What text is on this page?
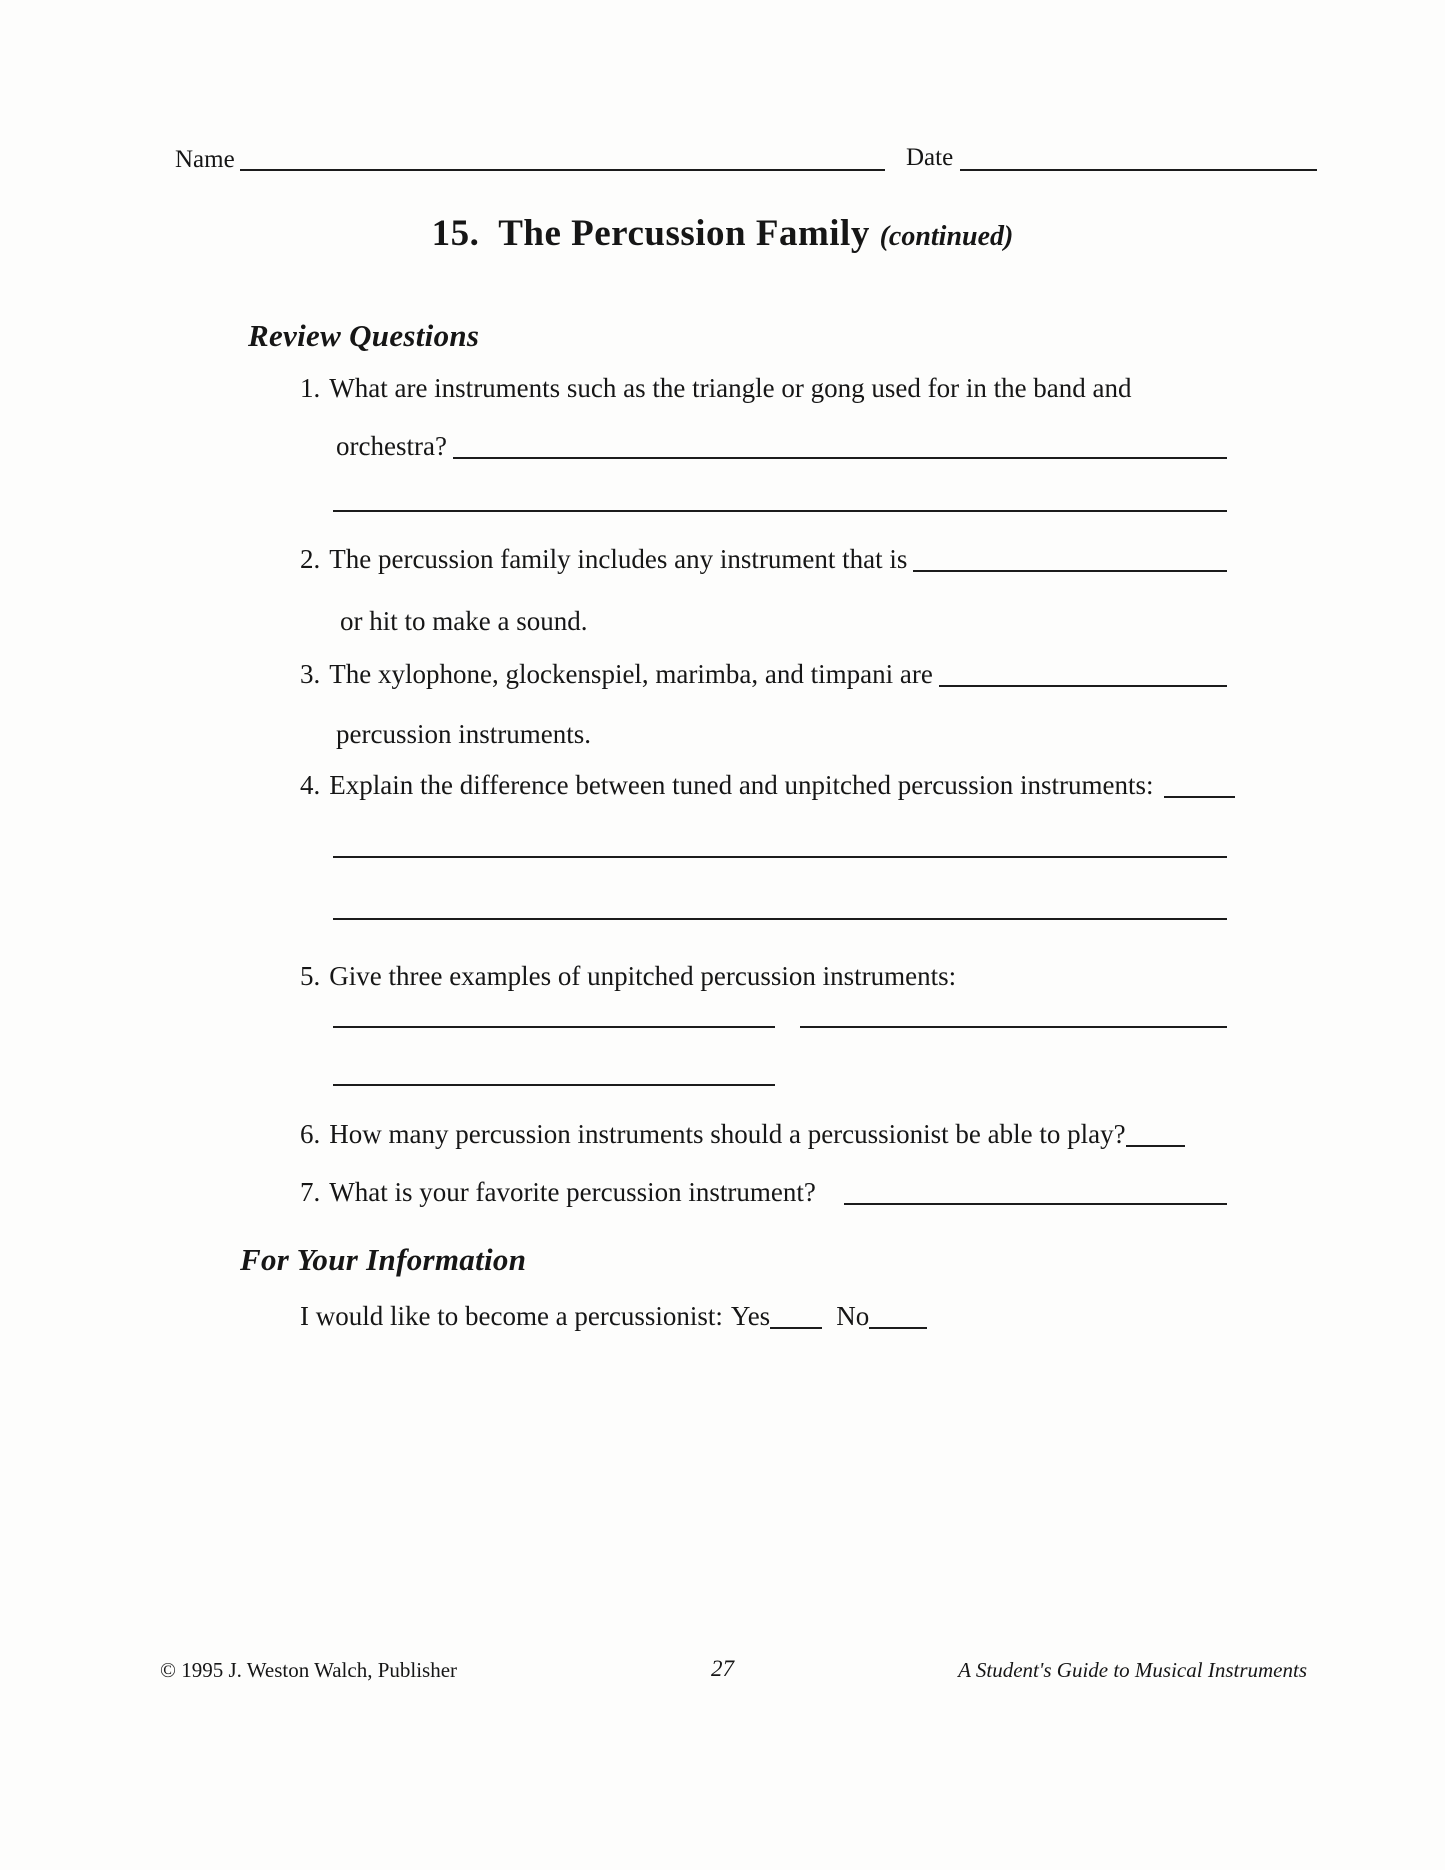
Name	Date
15. The Percussion Family (continued)
Review Questions
1. What are instruments such as the triangle or gong used for in the band and
orchestra?
2. The percussion family includes any instrument that is
or hit to make a sound.
3. The xylophone, glockenspiel, marimba, and timpani are
percussion instruments.
4. Explain the difference between tuned and unpitched percussion instruments:
5. Give three examples of unpitched percussion instruments:
6. How many percussion instruments should a percussionist be able to play?
7. What is your favorite percussion instrument?
For Your Information
I would like to become a percussionist: Yes No
© 1995 J. Weston Walch, Publisher	27	A Student's Guide to Musical Instruments
